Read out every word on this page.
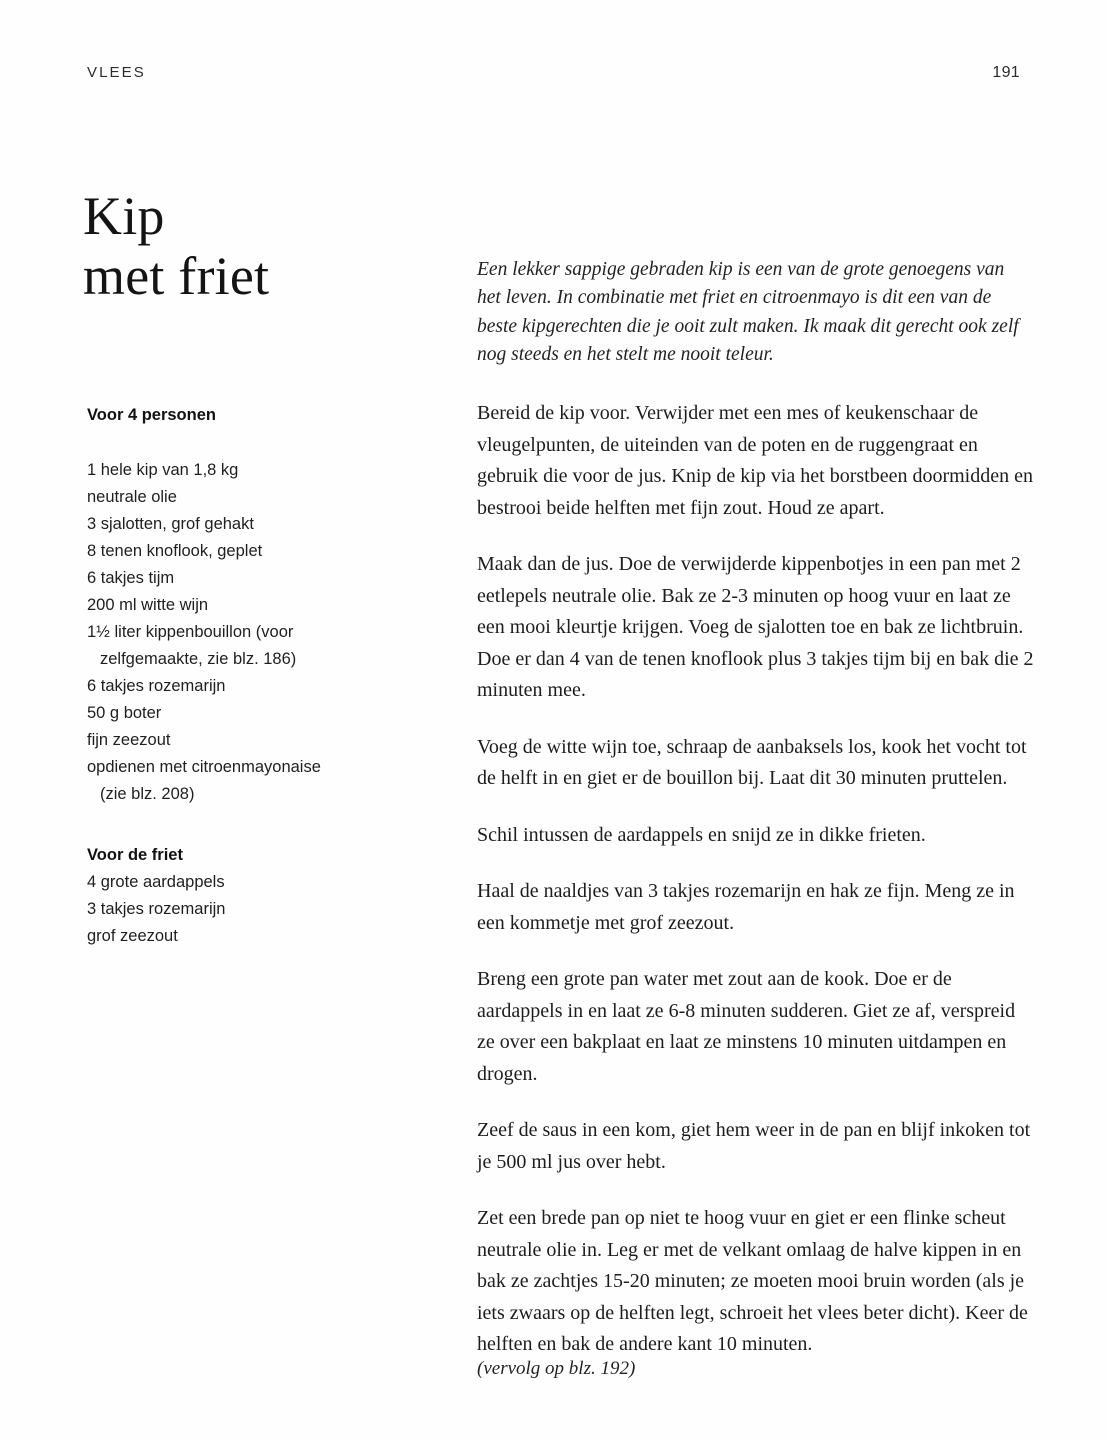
VLEES	191
Kip
met friet	Een lekker sappige gebraden kip is een van de grote genoegens van het leven. In combinatie met friet en citroenmayo is dit een van de beste kipgerechten die je ooit zult maken. Ik maak dit gerecht ook zelf nog steeds en het stelt me nooit teleur.

Voor 4 personen

1 hele kip van 1,8 kg
neutrale olie
3 sjalotten, grof gehakt
8 tenen knoflook, geplet
6 takjes tijm
200 ml witte wijn
1½ liter kippenbouillon (voor
zelfgemaakte, zie blz. 186)
6 takjes rozemarijn
50 g boter
fijn zeezout
opdienen met citroenmayonaise
(zie blz. 208)

Voor de friet

4 grote aardappels
3 takjes rozemarijn
grof zeezout

Bereid de kip voor. Verwijder met een mes of keukenschaar de vleugelpunten, de uiteinden van de poten en de ruggengraat en gebruik die voor de jus. Knip de kip via het borstbeen doormidden en bestrooi beide helften met fijn zout. Houd ze apart.

Maak dan de jus. Doe de verwijderde kippenbotjes in een pan met 2 eetlepels neutrale olie. Bak ze 2-3 minuten op hoog vuur en laat ze een mooi kleurtje krijgen. Voeg de sjalotten toe en bak ze lichtbruin. Doe er dan 4 van de tenen knoflook plus 3 takjes tijm bij en bak die 2 minuten mee.

Voeg de witte wijn toe, schraap de aanbaksels los, kook het vocht tot de helft in en giet er de bouillon bij. Laat dit 30 minuten pruttelen.

Schil intussen de aardappels en snijd ze in dikke frieten.

Haal de naaldjes van 3 takjes rozemarijn en hak ze fijn. Meng ze in een kommetje met grof zeezout.

Breng een grote pan water met zout aan de kook. Doe er de aardappels in en laat ze 6-8 minuten sudderen. Giet ze af, verspreid ze over een bakplaat en laat ze minstens 10 minuten uitdampen en drogen.

Zeef de saus in een kom, giet hem weer in de pan en blijf inkoken tot je 500 ml jus over hebt.

Zet een brede pan op niet te hoog vuur en giet er een flinke scheut neutrale olie in. Leg er met de velkant omlaag de halve kippen in en bak ze zachtjes 15-20 minuten; ze moeten mooi bruin worden (als je iets zwaars op de helften legt, schroeit het vlees beter dicht). Keer de helften en bak de andere kant 10 minuten.

(vervolg op blz. 192)
